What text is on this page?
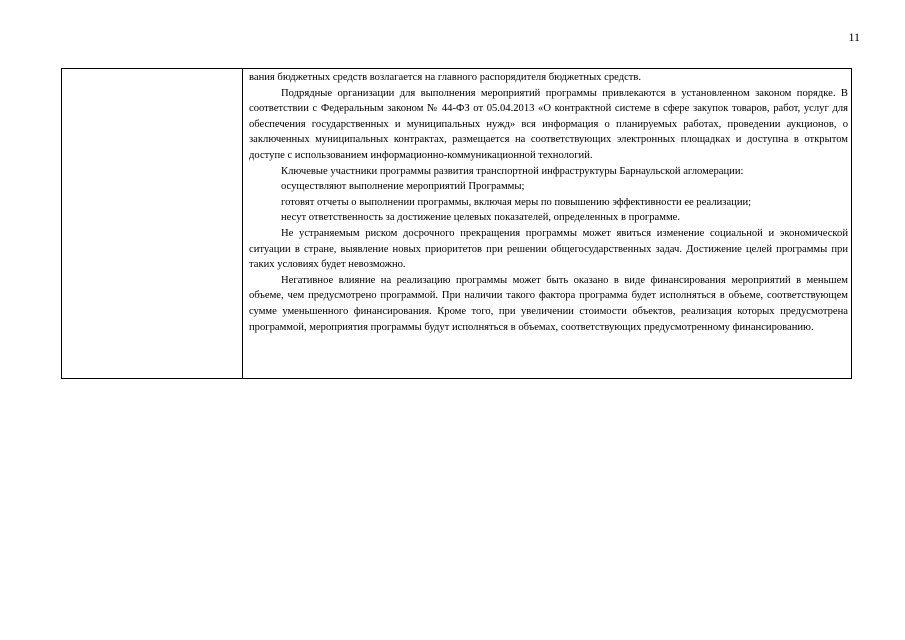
11

вания бюджетных средств возлагается на главного распорядителя бюджетных средств.

Подрядные организации для выполнения мероприятий программы привлекаются в установленном законом порядке. В соответствии с Федеральным законом № 44-ФЗ от 05.04.2013 «О контрактной системе в сфере закупок товаров, работ, услуг для обеспечения государственных и муниципальных нужд» вся информация о планируемых работах, проведении аукционов, о заключенных муниципальных контрактах, размещается на соответствующих электронных площадках и доступна в открытом доступе с использованием информационно-коммуникационной технологий.

Ключевые участники программы развития транспортной инфраструктуры Барнаульской агломерации:

осуществляют выполнение мероприятий Программы;

готовят отчеты о выполнении программы, включая меры по повышению эффективности ее реализации;

несут ответственность за достижение целевых показателей, определенных в программе.

Не устраняемым риском досрочного прекращения программы может явиться изменение социальной и экономической ситуации в стране, выявление новых приоритетов при решении общегосударственных задач. Достижение целей программы при таких условиях будет невозможно.

Негативное влияние на реализацию программы может быть оказано в виде финансирования мероприятий в меньшем объеме, чем предусмотрено программой. При наличии такого фактора программа будет исполняться в объеме, соответствующем сумме уменьшенного финансирования. Кроме того, при увеличении стоимости объектов, реализация которых предусмотрена программой, мероприятия программы будут исполняться в объемах, соответствующих предусмотренному финансированию.
